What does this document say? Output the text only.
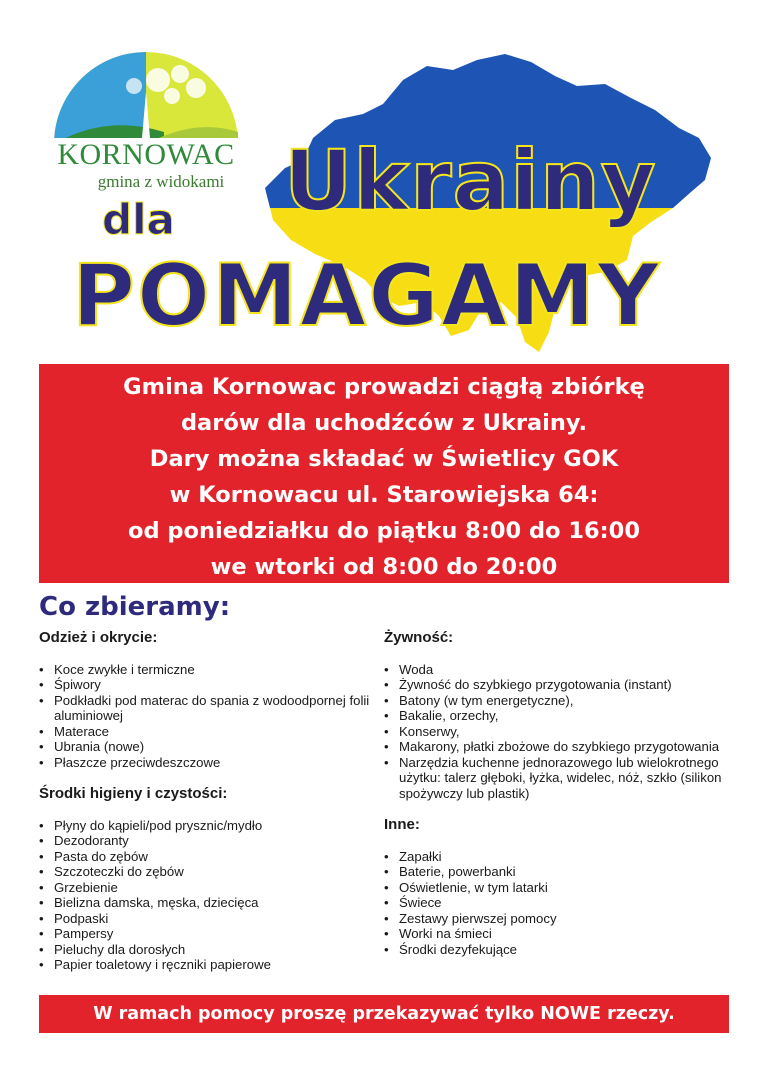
KORNOWAC
gmina z widokami Ukrainy
dla
POMAGAMY
Gmina Kornowac prowadzi ciągłą zbiórkę
darów dla uchodźców z Ukrainy.
Dary można składać w Świetlicy GOK
w Kornowacu ul. Starowiejska 64:
od poniedziałku do piątku 8:00 do 16:00
we wtorki od 8:00 do 20:00
Co zbieramy:
Odzież i okrycie:
• Koce zwykłe i termiczne
• Śpiwory
• Podkładki pod materac do spania z wodoodpornej folii aluminiowej
• Materace
• Ubrania (nowe)
• Płaszcze przeciwdeszczowe
Środki higieny i czystości:
• Płyny do kąpieli/pod prysznic/mydło
• Dezodoranty
• Pasta do zębów
• Szczoteczki do zębów
• Grzebienie
• Bielizna damska, męska, dziecięca
• Podpaski
• Pampersy
• Pieluchy dla dorosłych
• Papier toaletowy i ręczniki papierowe
Żywność:
• Woda
• Żywność do szybkiego przygotowania (instant)
• Batony (w tym energetyczne),
• Bakalie, orzechy,
• Konserwy,
• Makarony, płatki zbożowe do szybkiego przygotowania
• Narzędzia kuchenne jednorazowego lub wielokrotnego użytku: talerz głęboki, łyżka, widelec, nóż, szkło (silikon spożywczy lub plastik)
Inne:
• Zapałki
• Baterie, powerbanki
• Oświetlenie, w tym latarki
• Świece
• Zestawy pierwszej pomocy
• Worki na śmieci
• Środki dezyfekujące
W ramach pomocy proszę przekazywać tylko NOWE rzeczy.
